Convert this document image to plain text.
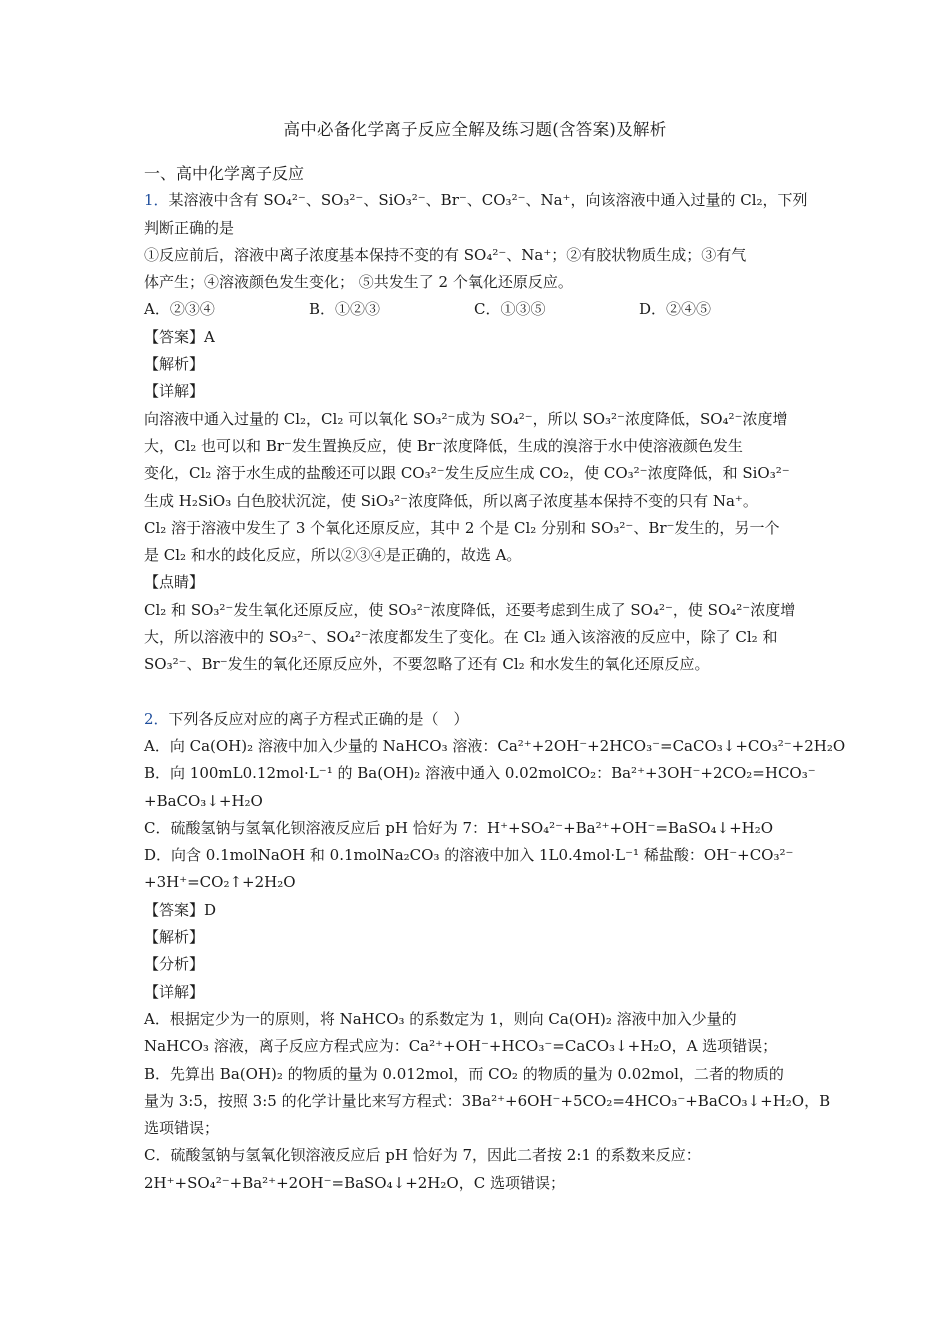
高中必备化学离子反应全解及练习题(含答案)及解析
一、高中化学离子反应
1．某溶液中含有 SO₄²⁻、SO₃²⁻、SiO₃²⁻、Br⁻、CO₃²⁻、Na⁺，向该溶液中通入过量的 Cl₂，下列
判断正确的是
①反应前后，溶液中离子浓度基本保持不变的有 SO₄²⁻、Na⁺；②有胶状物质生成；③有气
体产生；④溶液颜色发生变化； ⑤共发生了 2 个氧化还原反应。
A．②③④	B．①②③	C．①③⑤	D．②④⑤
【答案】A
【解析】
【详解】
向溶液中通入过量的 Cl₂，Cl₂ 可以氧化 SO₃²⁻成为 SO₄²⁻，所以 SO₃²⁻浓度降低，SO₄²⁻浓度增
大，Cl₂ 也可以和 Br⁻发生置换反应，使 Br⁻浓度降低，生成的溴溶于水中使溶液颜色发生
变化，Cl₂ 溶于水生成的盐酸还可以跟 CO₃²⁻发生反应生成 CO₂，使 CO₃²⁻浓度降低，和 SiO₃²⁻
生成 H₂SiO₃ 白色胶状沉淀，使 SiO₃²⁻浓度降低，所以离子浓度基本保持不变的只有 Na⁺。
Cl₂ 溶于溶液中发生了 3 个氧化还原反应，其中 2 个是 Cl₂ 分别和 SO₃²⁻、Br⁻发生的，另一个
是 Cl₂ 和水的歧化反应，所以②③④是正确的，故选 A。
【点睛】
Cl₂ 和 SO₃²⁻发生氧化还原反应，使 SO₃²⁻浓度降低，还要考虑到生成了 SO₄²⁻，使 SO₄²⁻浓度增
大，所以溶液中的 SO₃²⁻、SO₄²⁻浓度都发生了变化。在 Cl₂ 通入该溶液的反应中，除了 Cl₂ 和
SO₃²⁻、Br⁻发生的氧化还原反应外，不要忽略了还有 Cl₂ 和水发生的氧化还原反应。
2．下列各反应对应的离子方程式正确的是（　）
A．向 Ca(OH)₂ 溶液中加入少量的 NaHCO₃ 溶液：Ca²⁺+2OH⁻+2HCO₃⁻=CaCO₃↓+CO₃²⁻+2H₂O
B．向 100mL0.12mol·L⁻¹ 的 Ba(OH)₂ 溶液中通入 0.02molCO₂：Ba²⁺+3OH⁻+2CO₂=HCO₃⁻
+BaCO₃↓+H₂O
C．硫酸氢钠与氢氧化钡溶液反应后 pH 恰好为 7：H⁺+SO₄²⁻+Ba²⁺+OH⁻=BaSO₄↓+H₂O
D．向含 0.1molNaOH 和 0.1molNa₂CO₃ 的溶液中加入 1L0.4mol·L⁻¹ 稀盐酸：OH⁻+CO₃²⁻
+3H⁺=CO₂↑+2H₂O
【答案】D
【解析】
【分析】
【详解】
A．根据定少为一的原则，将 NaHCO₃ 的系数定为 1，则向 Ca(OH)₂ 溶液中加入少量的
NaHCO₃ 溶液，离子反应方程式应为：Ca²⁺+OH⁻+HCO₃⁻=CaCO₃↓+H₂O，A 选项错误；
B．先算出 Ba(OH)₂ 的物质的量为 0.012mol，而 CO₂ 的物质的量为 0.02mol，二者的物质的
量为 3:5，按照 3:5 的化学计量比来写方程式：3Ba²⁺+6OH⁻+5CO₂=4HCO₃⁻+BaCO₃↓+H₂O，B
选项错误；
C．硫酸氢钠与氢氧化钡溶液反应后 pH 恰好为 7，因此二者按 2:1 的系数来反应：
2H⁺+SO₄²⁻+Ba²⁺+2OH⁻=BaSO₄↓+2H₂O，C 选项错误；
